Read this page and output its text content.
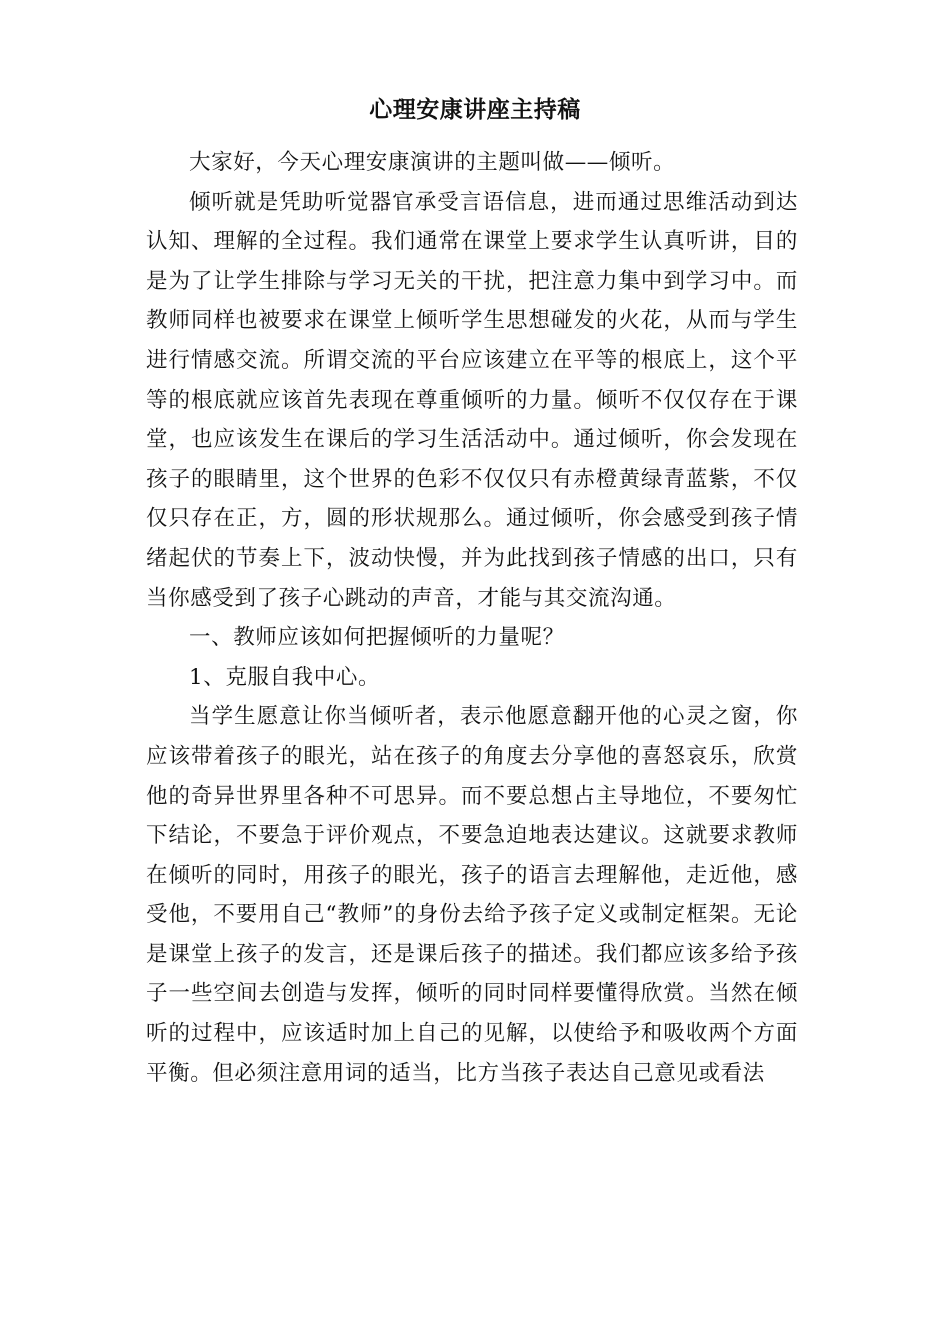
心理安康讲座主持稿

大家好，今天心理安康演讲的主题叫做——倾听。

倾听就是凭助听觉器官承受言语信息，进而通过思维活动到达认知、理解的全过程。我们通常在课堂上要求学生认真听讲，目的是为了让学生排除与学习无关的干扰，把注意力集中到学习中。而教师同样也被要求在课堂上倾听学生思想碰发的火花，从而与学生进行情感交流。所谓交流的平台应该建立在平等的根底上，这个平等的根底就应该首先表现在尊重倾听的力量。倾听不仅仅存在于课堂，也应该发生在课后的学习生活活动中。通过倾听，你会发现在孩子的眼睛里，这个世界的色彩不仅仅只有赤橙黄绿青蓝紫，不仅仅只存在正，方，圆的形状规那么。通过倾听，你会感受到孩子情绪起伏的节奏上下，波动快慢，并为此找到孩子情感的出口，只有当你感受到了孩子心跳动的声音，才能与其交流沟通。

一、教师应该如何把握倾听的力量呢？

1、克服自我中心。

当学生愿意让你当倾听者，表示他愿意翻开他的心灵之窗，你应该带着孩子的眼光，站在孩子的角度去分享他的喜怒哀乐，欣赏他的奇异世界里各种不可思异。而不要总想占主导地位，不要匆忙下结论，不要急于评价观点，不要急迫地表达建议。这就要求教师在倾听的同时，用孩子的眼光，孩子的语言去理解他，走近他，感受他，不要用自己“教师”的身份去给予孩子定义或制定框架。无论是课堂上孩子的发言，还是课后孩子的描述。我们都应该多给予孩子一些空间去创造与发挥，倾听的同时同样要懂得欣赏。当然在倾听的过程中，应该适时加上自己的见解，以使给予和吸收两个方面平衡。但必须注意用词的适当，比方当孩子表达自己意见或看法
